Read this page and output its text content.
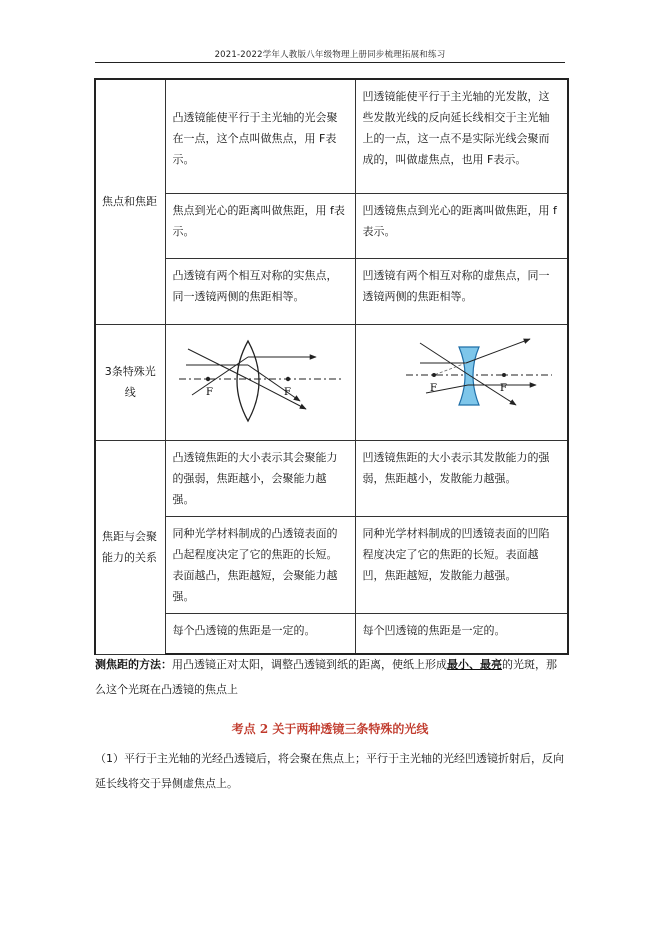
2021-2022学年人教版八年级物理上册同步梳理拓展和练习
焦点和焦距	凸透镜能使平行于主光轴的光会聚在一点，这个点叫做焦点，用 F表示。	凹透镜能使平行于主光轴的光发散，这些发散光线的反向延长线相交于主光轴上的一点，这一点不是实际光线会聚而成的，叫做虚焦点，也用 F表示。

	焦点到光心的距离叫做焦距，用 f表示。	凹透镜焦点到光心的距离叫做焦距，用 f表示。

	凸透镜有两个相互对称的实焦点，同一透镜两侧的焦距相等。	凹透镜有两个相互对称的虚焦点，同一透镜两侧的焦距相等。

3条特殊光线	F F	F F

焦距与会聚能力的关系	凸透镜焦距的大小表示其会聚能力的强弱，焦距越小，会聚能力越强。	凹透镜焦距的大小表示其发散能力的强弱，焦距越小，发散能力越强。

	同种光学材料制成的凸透镜表面的凸起程度决定了它的焦距的长短。表面越凸，焦距越短，会聚能力越强。	同种光学材料制成的凹透镜表面的凹陷程度决定了它的焦距的长短。表面越凹，焦距越短，发散能力越强。

	每个凸透镜的焦距是一定的。	每个凹透镜的焦距是一定的。
测焦距的方法：用凸透镜正对太阳，调整凸透镜到纸的距离，使纸上形成最小、最亮的光斑，那么这个光斑在凸透镜的焦点上
考点 2 关于两种透镜三条特殊的光线
（1）平行于主光轴的光经凸透镜后，将会聚在焦点上；平行于主光轴的光经凹透镜折射后，反向延长线将交于异侧虚焦点上。
